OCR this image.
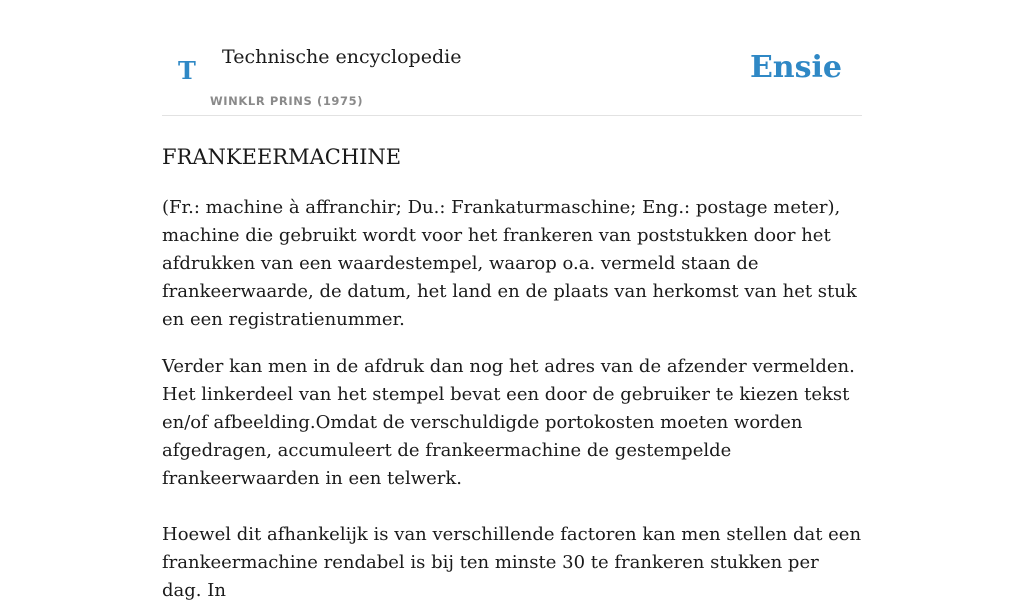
T Technische encyclopedie
WINKLR PRINS (1975)
Ensie
FRANKEERMACHINE

(Fr.: machine à affranchir; Du.: Frankaturmaschine; Eng.: postage meter), machine die gebruikt wordt voor het frankeren van poststukken door het afdrukken van een waardestempel, waarop o.a. vermeld staan de frankeerwaarde, de datum, het land en de plaats van herkomst van het stuk en een registratienummer.

Verder kan men in de afdruk dan nog het adres van de afzender vermelden. Het linkerdeel van het stempel bevat een door de gebruiker te kiezen tekst en/of afbeelding.Omdat de verschuldigde portokosten moeten worden afgedragen, accumuleert de frankeermachine de gestempelde frankeerwaarden in een telwerk.

Hoewel dit afhankelijk is van verschillende factoren kan men stellen dat een frankeermachine rendabel is bij ten minste 30 te frankeren stukken per dag. In
